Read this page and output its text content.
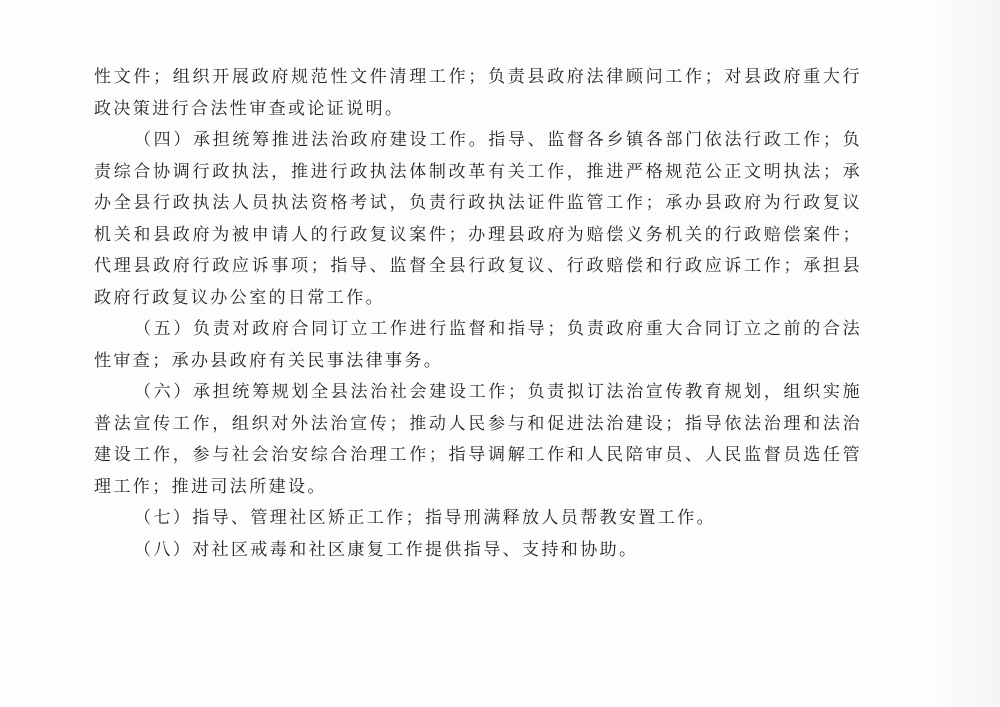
性文件；组织开展政府规范性文件清理工作；负责县政府法律顾问工作；对县政府重大行政决策进行合法性审查或论证说明。

（四）承担统筹推进法治政府建设工作。指导、监督各乡镇各部门依法行政工作；负责综合协调行政执法，推进行政执法体制改革有关工作，推进严格规范公正文明执法；承办全县行政执法人员执法资格考试，负责行政执法证件监管工作；承办县政府为行政复议机关和县政府为被申请人的行政复议案件；办理县政府为赔偿义务机关的行政赔偿案件；代理县政府行政应诉事项；指导、监督全县行政复议、行政赔偿和行政应诉工作；承担县政府行政复议办公室的日常工作。

（五）负责对政府合同订立工作进行监督和指导；负责政府重大合同订立之前的合法性审查；承办县政府有关民事法律事务。

（六）承担统筹规划全县法治社会建设工作；负责拟订法治宣传教育规划，组织实施普法宣传工作，组织对外法治宣传；推动人民参与和促进法治建设；指导依法治理和法治建设工作，参与社会治安综合治理工作；指导调解工作和人民陪审员、人民监督员选任管理工作；推进司法所建设。

（七）指导、管理社区矫正工作；指导刑满释放人员帮教安置工作。

（八）对社区戒毒和社区康复工作提供指导、支持和协助。
